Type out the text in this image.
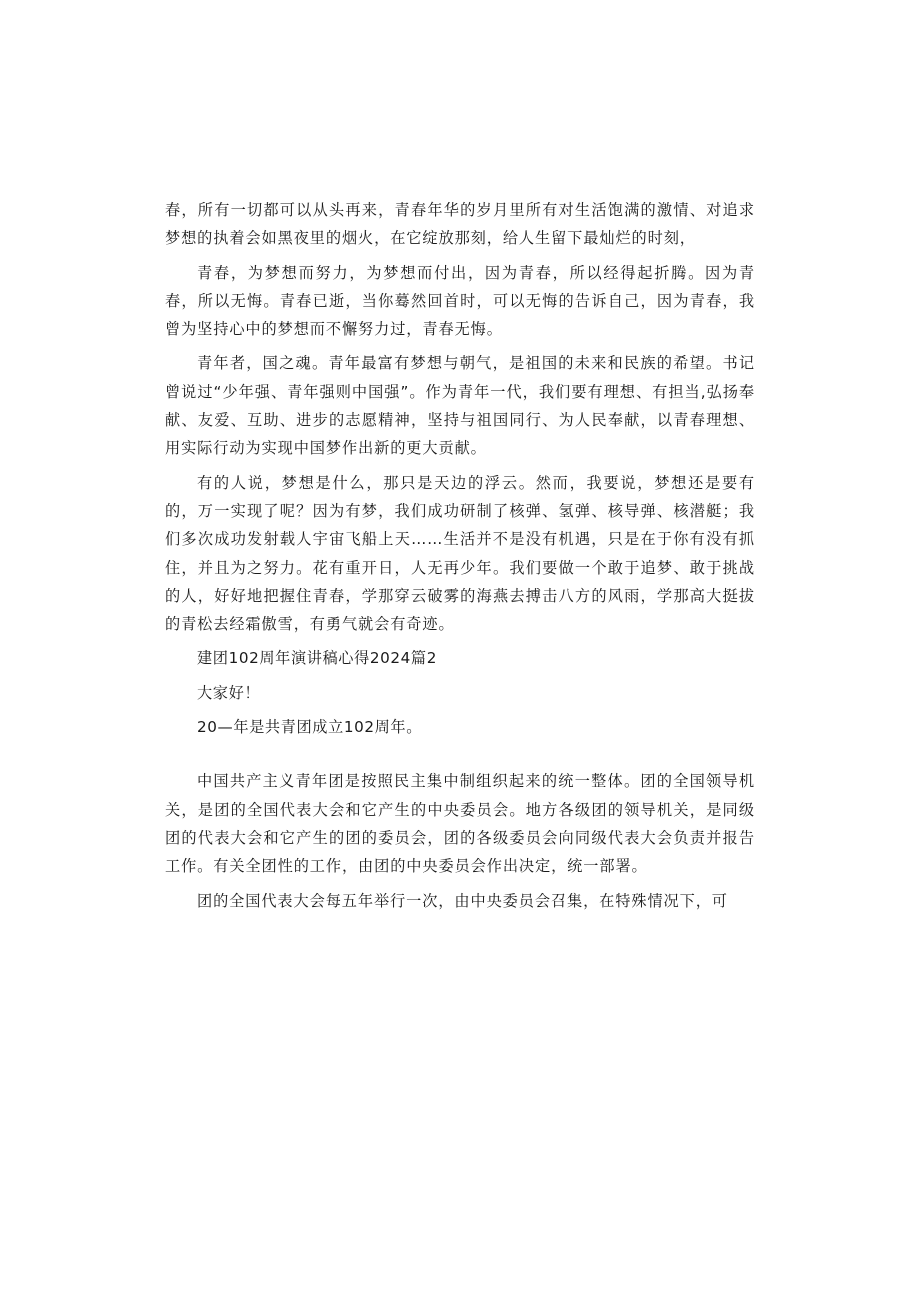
春，所有一切都可以从头再来，青春年华的岁月里所有对生活饱满的激情、对追求梦想的执着会如黑夜里的烟火，在它绽放那刻，给人生留下最灿烂的时刻，

青春，为梦想而努力，为梦想而付出，因为青春，所以经得起折腾。因为青春，所以无悔。青春已逝，当你蓦然回首时，可以无悔的告诉自己，因为青春，我曾为坚持心中的梦想而不懈努力过，青春无悔。

青年者，国之魂。青年最富有梦想与朝气，是祖国的未来和民族的希望。书记曾说过“少年强、青年强则中国强”。作为青年一代，我们要有理想、有担当,弘扬奉献、友爱、互助、进步的志愿精神，坚持与祖国同行、为人民奉献，以青春理想、用实际行动为实现中国梦作出新的更大贡献。

有的人说，梦想是什么，那只是天边的浮云。然而，我要说，梦想还是要有的，万一实现了呢？因为有梦，我们成功研制了核弹、氢弹、核导弹、核潜艇；我们多次成功发射载人宇宙飞船上天……生活并不是没有机遇，只是在于你有没有抓住，并且为之努力。花有重开日，人无再少年。我们要做一个敢于追梦、敢于挑战的人，好好地把握住青春，学那穿云破雾的海燕去搏击八方的风雨，学那高大挺拔的青松去经霜傲雪，有勇气就会有奇迹。

建团102周年演讲稿心得2024篇2
大家好！
20—年是共青团成立102周年。

中国共产主义青年团是按照民主集中制组织起来的统一整体。团的全国领导机关，是团的全国代表大会和它产生的中央委员会。地方各级团的领导机关，是同级团的代表大会和它产生的团的委员会，团的各级委员会向同级代表大会负责并报告工作。有关全团性的工作，由团的中央委员会作出决定，统一部署。

团的全国代表大会每五年举行一次，由中央委员会召集，在特殊情况下，可
